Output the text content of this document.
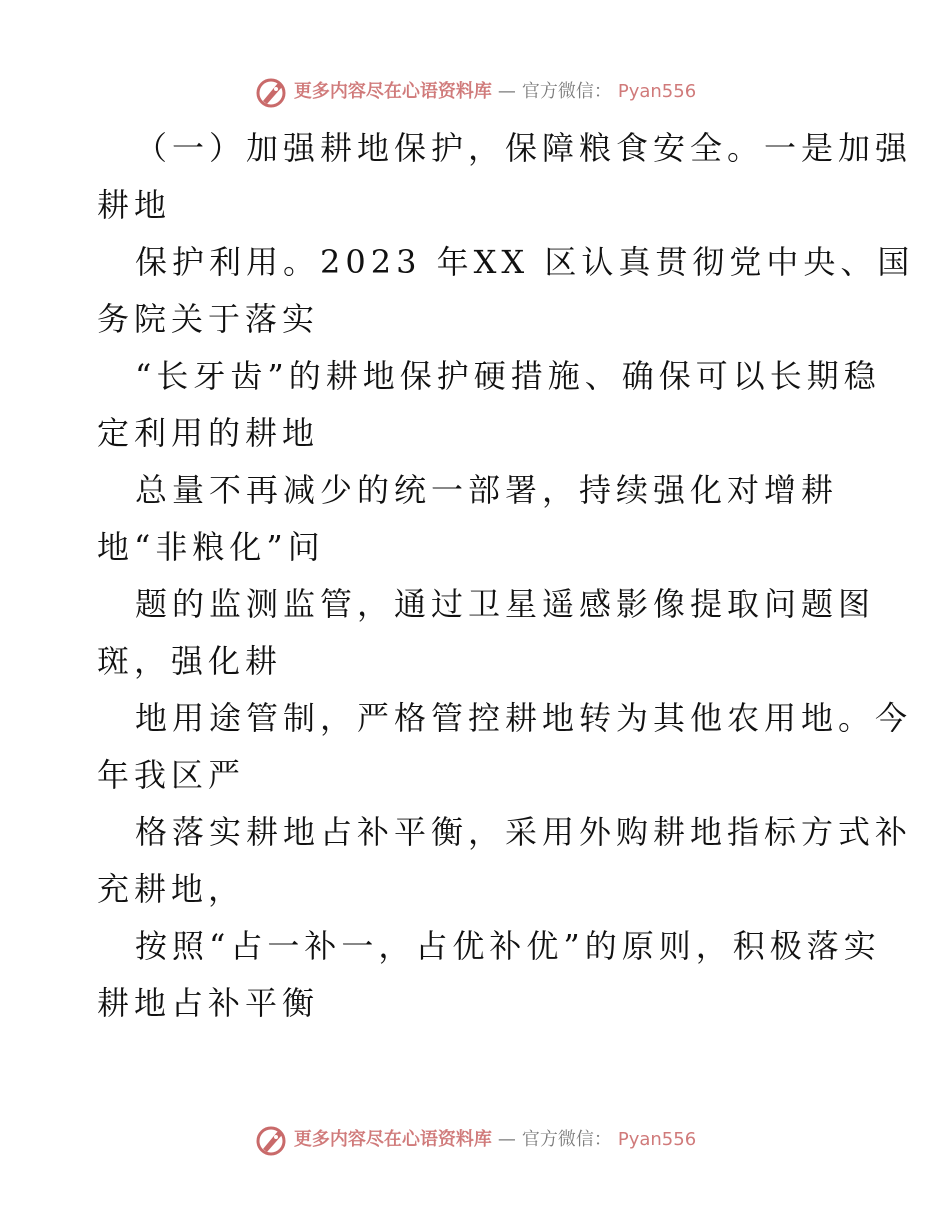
更多内容尽在心语资料库 — 官方微信： Pyan556
（一）加强耕地保护，保障粮食安全。一是加强
耕地
保护利用。2023 年XX 区认真贯彻党中央、国
务院关于落实
“长牙齿”的耕地保护硬措施、确保可以长期稳
定利用的耕地
总量不再减少的统一部署，持续强化对增耕
地“非粮化”问
题的监测监管，通过卫星遥感影像提取问题图
斑，强化耕
地用途管制，严格管控耕地转为其他农用地。今
年我区严
格落实耕地占补平衡，采用外购耕地指标方式补
充耕地，
按照“占一补一，占优补优”的原则，积极落实
耕地占补平衡
更多内容尽在心语资料库 — 官方微信： Pyan556
